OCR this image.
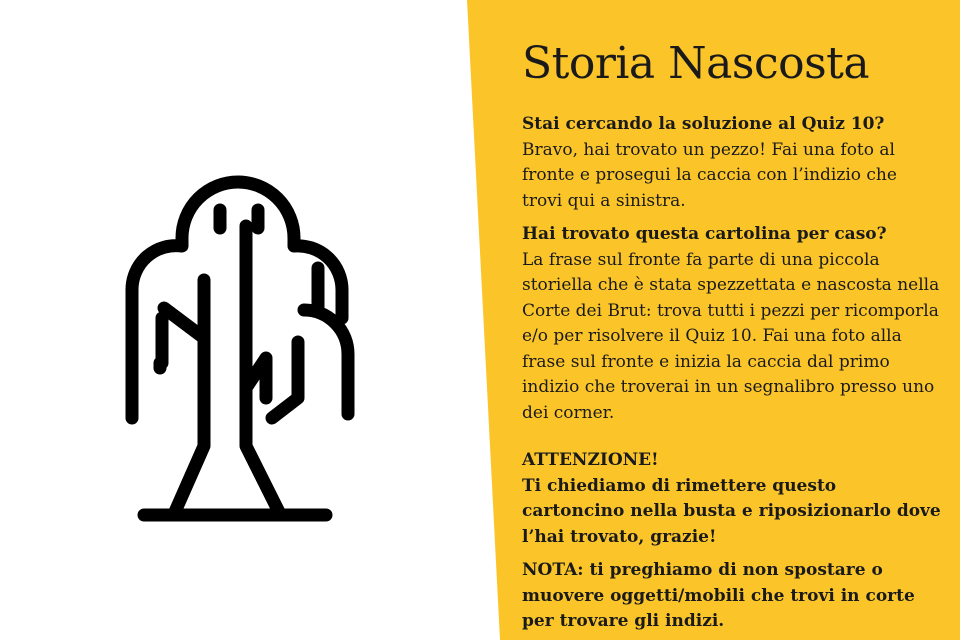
Storia Nascosta
Stai cercando la soluzione al Quiz 10?
Bravo, hai trovato un pezzo! Fai una foto al fronte e prosegui la caccia con l’indizio che trovi qui a sinistra.
Hai trovato questa cartolina per caso?
La frase sul fronte fa parte di una piccola storiella che è stata spezzettata e nascosta nella Corte dei Brut: trova tutti i pezzi per ricomporla e/o per risolvere il Quiz 10. Fai una foto alla frase sul fronte e inizia la caccia dal primo indizio che troverai in un segnalibro presso uno dei corner.
ATTENZIONE!
Ti chiediamo di rimettere questo cartoncino nella busta e riposizionarlo dove l’hai trovato, grazie!
NOTA: ti preghiamo di non spostare o muovere oggetti/mobili che trovi in corte per trovare gli indizi.
